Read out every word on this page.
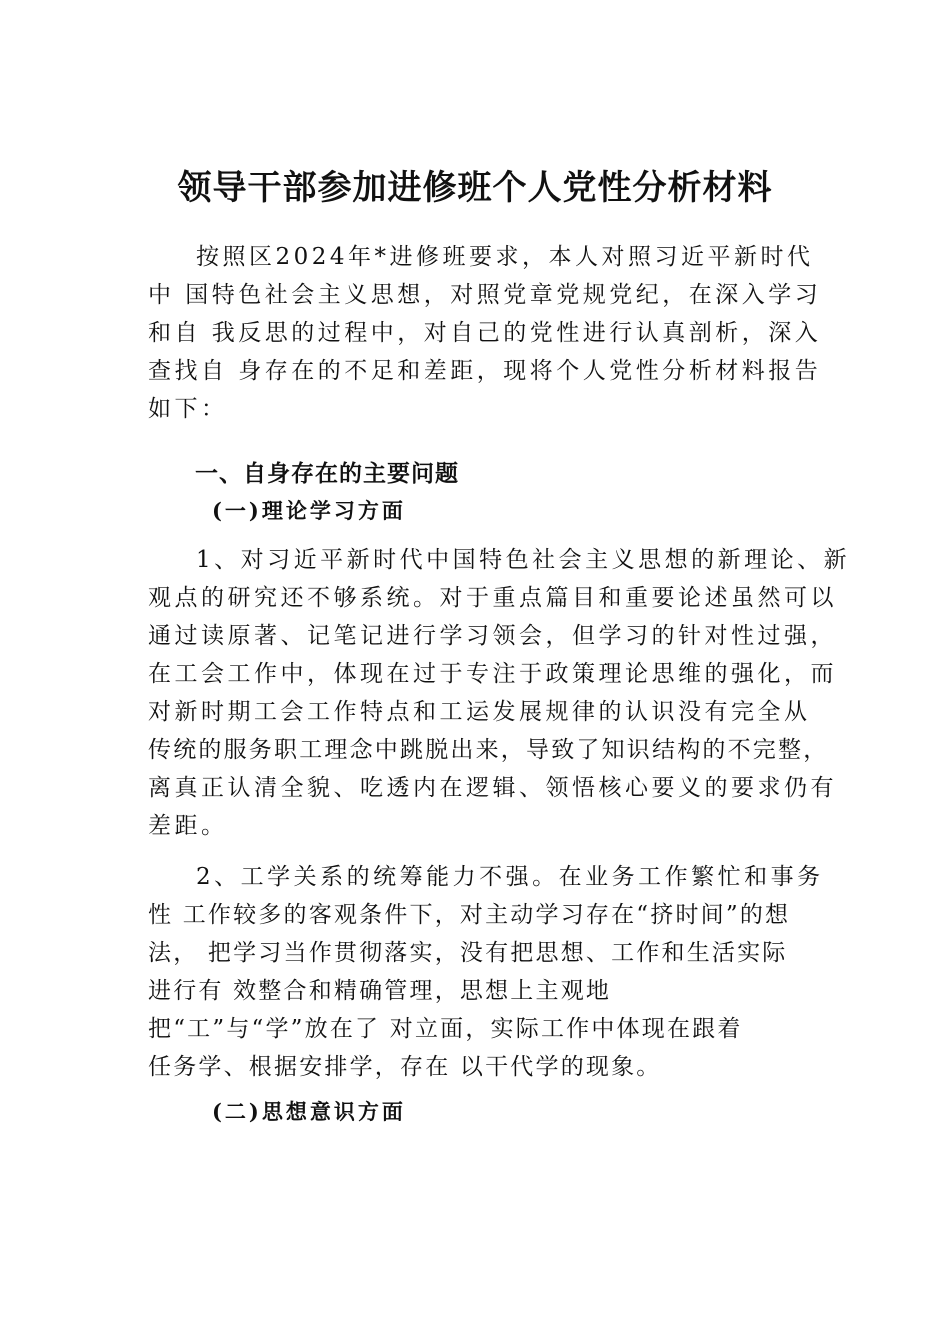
领导干部参加进修班个人党性分析材料
按照区2024年*进修班要求，本人对照习近平新时代
中 国特色社会主义思想，对照党章党规党纪，在深入学习
和自 我反思的过程中，对自己的党性进行认真剖析，深入
查找自 身存在的不足和差距，现将个人党性分析材料报告
如下：
一、自身存在的主要问题
(一)理论学习方面
1、对习近平新时代中国特色社会主义思想的新理论、新
观点的研究还不够系统。对于重点篇目和重要论述虽然可以
通过读原著、记笔记进行学习领会，但学习的针对性过强，
在工会工作中，体现在过于专注于政策理论思维的强化，而
对新时期工会工作特点和工运发展规律的认识没有完全从
传统的服务职工理念中跳脱出来，导致了知识结构的不完整，
离真正认清全貌、吃透内在逻辑、领悟核心要义的要求仍有
差距。
2、工学关系的统筹能力不强。在业务工作繁忙和事务
性 工作较多的客观条件下，对主动学习存在“挤时间”的想
法， 把学习当作贯彻落实，没有把思想、工作和生活实际
进行有 效整合和精确管理，思想上主观地
把“工”与“学”放在了 对立面，实际工作中体现在跟着
任务学、根据安排学，存在 以干代学的现象。
(二)思想意识方面
